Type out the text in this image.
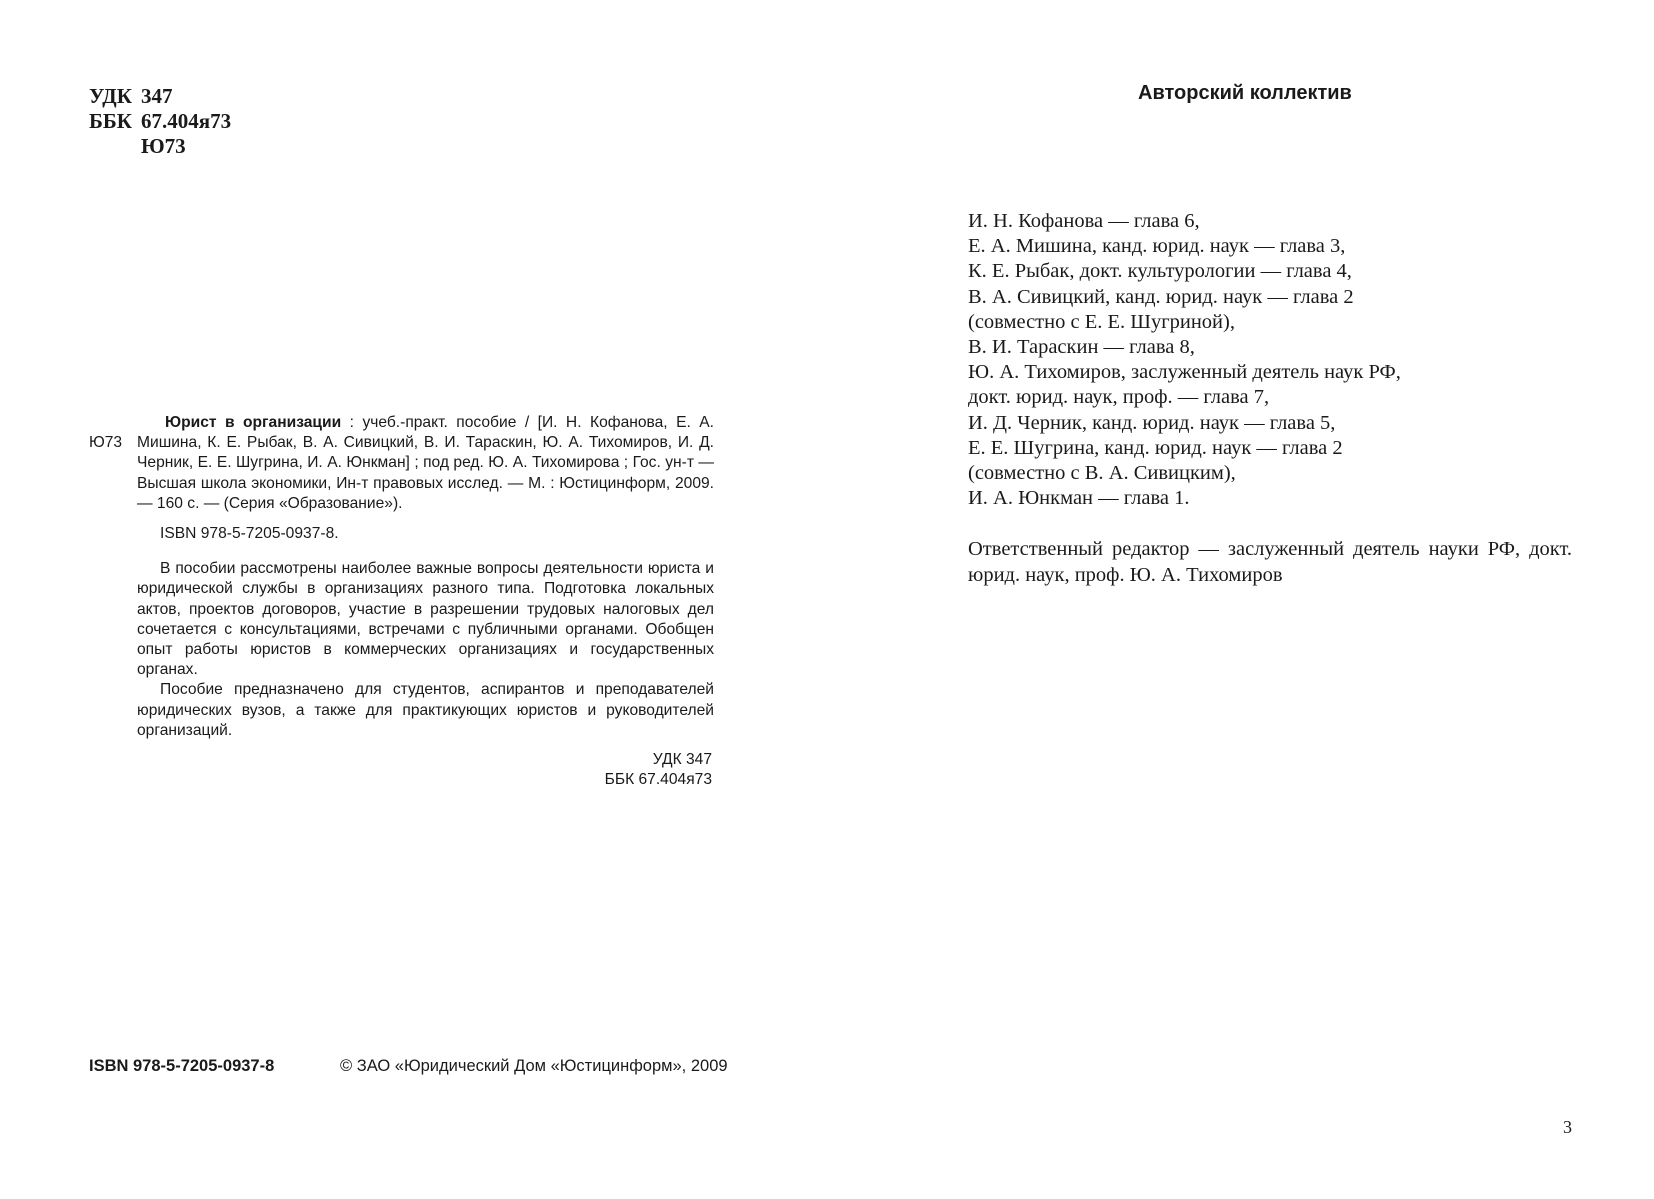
УДК 347
ББК 67.404я73
Ю73
Ю73
Юрист в организации : учеб.-практ. пособие / [И. Н. Кофанова, Е. А. Мишина, К. Е. Рыбак, В. А. Сивицкий, В. И. Тараскин, Ю. А. Тихомиров, И. Д. Черник, Е. Е. Шугрина, И. А. Юнкман] ; под ред. Ю. А. Тихомирова ; Гос. ун-т — Высшая школа экономики, Ин-т правовых исслед. — М. : Юстицинформ, 2009. — 160 с. — (Серия «Образование»).
ISBN 978-5-7205-0937-8.
В пособии рассмотрены наиболее важные вопросы деятельности юриста и юридической службы в организациях разного типа. Подготовка локальных актов, проектов договоров, участие в разрешении трудовых налоговых дел сочетается с консультациями, встречами с публичными органами. Обобщен опыт работы юристов в коммерческих организациях и государственных органах.
Пособие предназначено для студентов, аспирантов и преподавателей юридических вузов, а также для практикующих юристов и руководителей организаций.
УДК 347
ББК 67.404я73
ISBN 978-5-7205-0937-8	© ЗАО «Юридический Дом «Юстицинформ», 2009
Авторский коллектив
И. Н. Кофанова — глава 6,
Е. А. Мишина, канд. юрид. наук — глава 3,
К. Е. Рыбак, докт. культурологии — глава 4,
В. А. Сивицкий, канд. юрид. наук — глава 2
(совместно с Е. Е. Шугриной),
В. И. Тараскин — глава 8,
Ю. А. Тихомиров, заслуженный деятель наук РФ,
докт. юрид. наук, проф. — глава 7,
И. Д. Черник, канд. юрид. наук — глава 5,
Е. Е. Шугрина, канд. юрид. наук — глава 2
(совместно с В. А. Сивицким),
И. А. Юнкман — глава 1.
Ответственный редактор — заслуженный деятель науки РФ, докт. юрид. наук, проф. Ю. А. Тихомиров
3
